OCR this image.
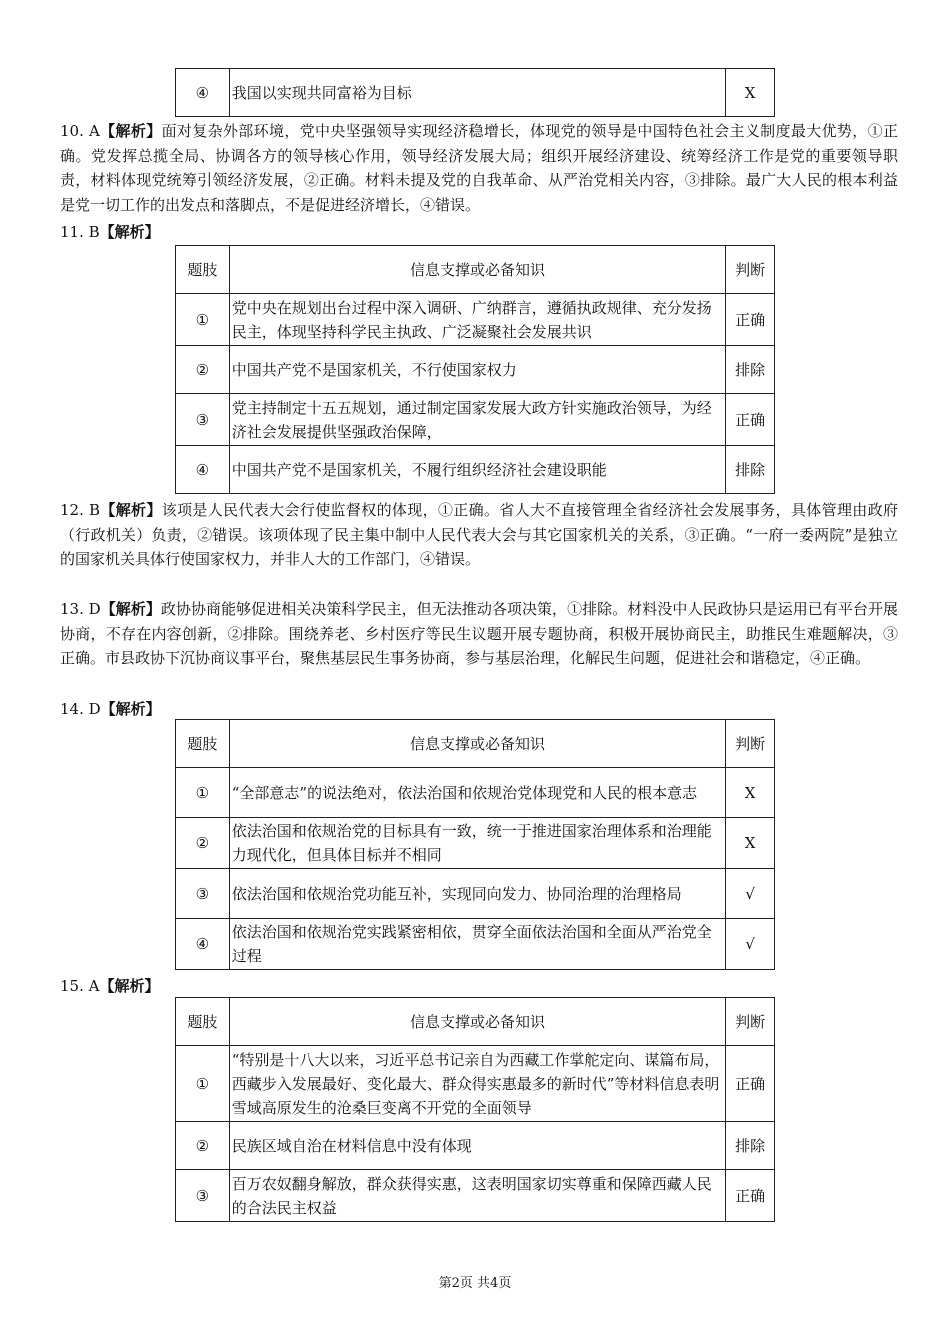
④	我国以实现共同富裕为目标	X

10. A【解析】面对复杂外部环境，党中央坚强领导实现经济稳增长，体现党的领导是中国特色社会主义制度最大优势，①正确。党发挥总揽全局、协调各方的领导核心作用，领导经济发展大局；组织开展经济建设、统筹经济工作是党的重要领导职责，材料体现党统筹引领经济发展，②正确。材料未提及党的自我革命、从严治党相关内容，③排除。最广大人民的根本利益是党一切工作的出发点和落脚点，不是促进经济增长，④错误。

11. B【解析】

题肢	信息支撑或必备知识	判断
①	党中央在规划出台过程中深入调研、广纳群言，遵循执政规律、充分发扬民主，体现坚持科学民主执政、广泛凝聚社会发展共识	正确
②	中国共产党不是国家机关，不行使国家权力	排除
③	党主持制定十五五规划，通过制定国家发展大政方针实施政治领导，为经济社会发展提供坚强政治保障，	正确
④	中国共产党不是国家机关，不履行组织经济社会建设职能	排除

12. B【解析】该项是人民代表大会行使监督权的体现，①正确。省人大不直接管理全省经济社会发展事务，具体管理由政府（行政机关）负责，②错误。该项体现了民主集中制中人民代表大会与其它国家机关的关系，③正确。“一府一委两院”是独立的国家机关具体行使国家权力，并非人大的工作部门，④错误。

13. D【解析】政协协商能够促进相关决策科学民主，但无法推动各项决策，①排除。材料没中人民政协只是运用已有平台开展协商，不存在内容创新，②排除。围绕养老、乡村医疗等民生议题开展专题协商，积极开展协商民主，助推民生难题解决，③正确。市县政协下沉协商议事平台，聚焦基层民生事务协商，参与基层治理，化解民生问题，促进社会和谐稳定，④正确。

14. D【解析】

题肢	信息支撑或必备知识	判断
①	“全部意志”的说法绝对，依法治国和依规治党体现党和人民的根本意志	X
②	依法治国和依规治党的目标具有一致，统一于推进国家治理体系和治理能力现代化，但具体目标并不相同	X
③	依法治国和依规治党功能互补，实现同向发力、协同治理的治理格局	√
④	依法治国和依规治党实践紧密相依，贯穿全面依法治国和全面从严治党全过程	√

15. A【解析】

题肢	信息支撑或必备知识	判断
①	“特别是十八大以来，习近平总书记亲自为西藏工作掌舵定向、谋篇布局，西藏步入发展最好、变化最大、群众得实惠最多的新时代”等材料信息表明雪域高原发生的沧桑巨变离不开党的全面领导	正确
②	民族区域自治在材料信息中没有体现	排除
③	百万农奴翻身解放，群众获得实惠，这表明国家切实尊重和保障西藏人民的合法民主权益	正确
第2页 共4页
